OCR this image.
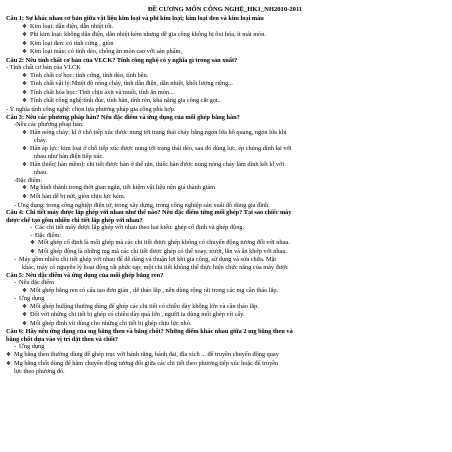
ĐỀ CƯƠNG MÔN CÔNG NGHỆ_HK1_NH2010-2011
Câu 1: Sự khác nhau cơ bản giữa vật liệu kim loại và phi kim loại; kim loại đen và kim loại màu
❖ Kim loại: dẫn điện, dẫn nhiệt tốt.
❖ Phi kim loại: không dẫn điện, dẫn nhiệt kém nhưng dễ gia công không bị ôxi hóa, ít mài mòn.
❖ Kim loại đen: có tính cứng , giòn
❖ Kim loại màu: có tính dẻo, chống ăn mòn cao với sản phẩm,
Câu 2: Nêu tính chất cơ bản của VLCK? Tính công nghệ có ý nghĩa gì trong sản xuất?
- Tính chất cơ bản của VLCK
❖ Tính chất cơ học: tính cứng, tính dẻo, tính bền.
❖ Tính chất vật lý:Nhiệt độ nóng chảy, tính dẫn điện, dẫn nhiệt, khối lượng riêng...
❖ Tính chất hóa học: Tính chịu axit và muối, tính ăn mòn...
❖ Tính chất công nghệ:tính đúc, tính hàn, tính rèn, khả năng gia công cắt gọt..
- Ý nghĩa tính công nghệ: chọn lựa phương pháp gia công phù hợp.
Câu 3: Nêu các phương pháp hàn? Nêu đặc điểm và ứng dụng của mối ghép bằng hàn?
-Nêu các phương pháp hàn.
❖ Hàn nóng chảy: kl ở chỗ tiếp xúc được nung tới trạng thái chảy bằng ngọn lửa hồ quang, ngọn lửa khí
cháy.
❖ Hàn áp lực: kim loại ở chỗ tiếp xúc được nung tới trạng thái dẻo, sau đó dùng lực, ép chúng dính lại với
nhau như hàn điện tiếp xúc.
❖ Hàn thiếc( hàn mềm): chi tiết được hàn ở thể rắn, thiếc hàn được nung nóng chảy làm dính kết kl với
nhau.
-Đặc điểm:
❖ Mg hình thành trong thời gian ngắn, tiết kiệm vật liệu nên giá thành giảm
❖ Mối hàn dễ bị nứt, giòn chịu lực kém.
- Ứng dụng: trong công nghiệp điện tử, trong xây dựng, trong công nghiệp sản xuất đồ dùng gia đình.
Câu 4: Chi tiết máy được lắp ghép với nhau như thế nào? Nêu đặc điểm từng mối ghép? Tại sao chiếc máy
được chế tạo gồm nhiều chi tiết lắp ghép với nhau?
- Các chi tiết máy được lắp ghép với nhau theo hai kiểu: ghép cố định và ghép động.
- Đặc điểm:
❖ Mối ghép cố định là mối ghép mà các chi tiết được ghép không có chuyển động tương đối với nhau.
❖ Mối ghép động là những mg mà các chi tiết được ghép có thể xoay, trượt, lăn và ăn khớp với nhau.
- Máy gồm nhiều chi tiết ghép với nhau để dễ dàng và thuận lợi khi gia công, sử dụng và sửa chữa. Mặt
khác, máy có nguyên lý hoạt động rất phức tạp; một chi tiết không thể thực hiện chức năng của máy được
Câu 5: Nêu đặc điểm và ứng dụng của mối ghép bằng ren?
- Nêu đặc điểm
❖ Mối ghép bằng ren có cấu tạo đơn giản , dễ tháo lắp , nên dùng rộng rãi trong các mg cần tháo lắp.
- Ứng dụng
❖ Mối ghép bulông thường dùng để ghép các chi tiết có chiều dày không lớn và cần tháo lắp.
❖ Đối với những chi tiết bị ghép có chiều dày quá lớn , người ta dùng mối ghép vít cấy.
❖ Mối ghép đinh vít dùng cho những chi tiết bị ghép chịu lực nhỏ.
Câu 6: Hãy nêu ứng dụng của mg bằng then và bằng chốt? Những điểm khác nhau giữa 2 mg bằng then và
bằng chốt dựa vào vị trí đặt then và chốt?
- Ứng dụng
❖ Mg bằng then thường dùng để ghép trục với bánh răng, bánh đai, đĩa xích ... để truyền chuyển động quay
❖ Mg bằng chốt dùng để hãm chuyển động tương đối giữa các chi tiết theo phương tiếp xúc hoặc để truyền
lực theo phương đó.
